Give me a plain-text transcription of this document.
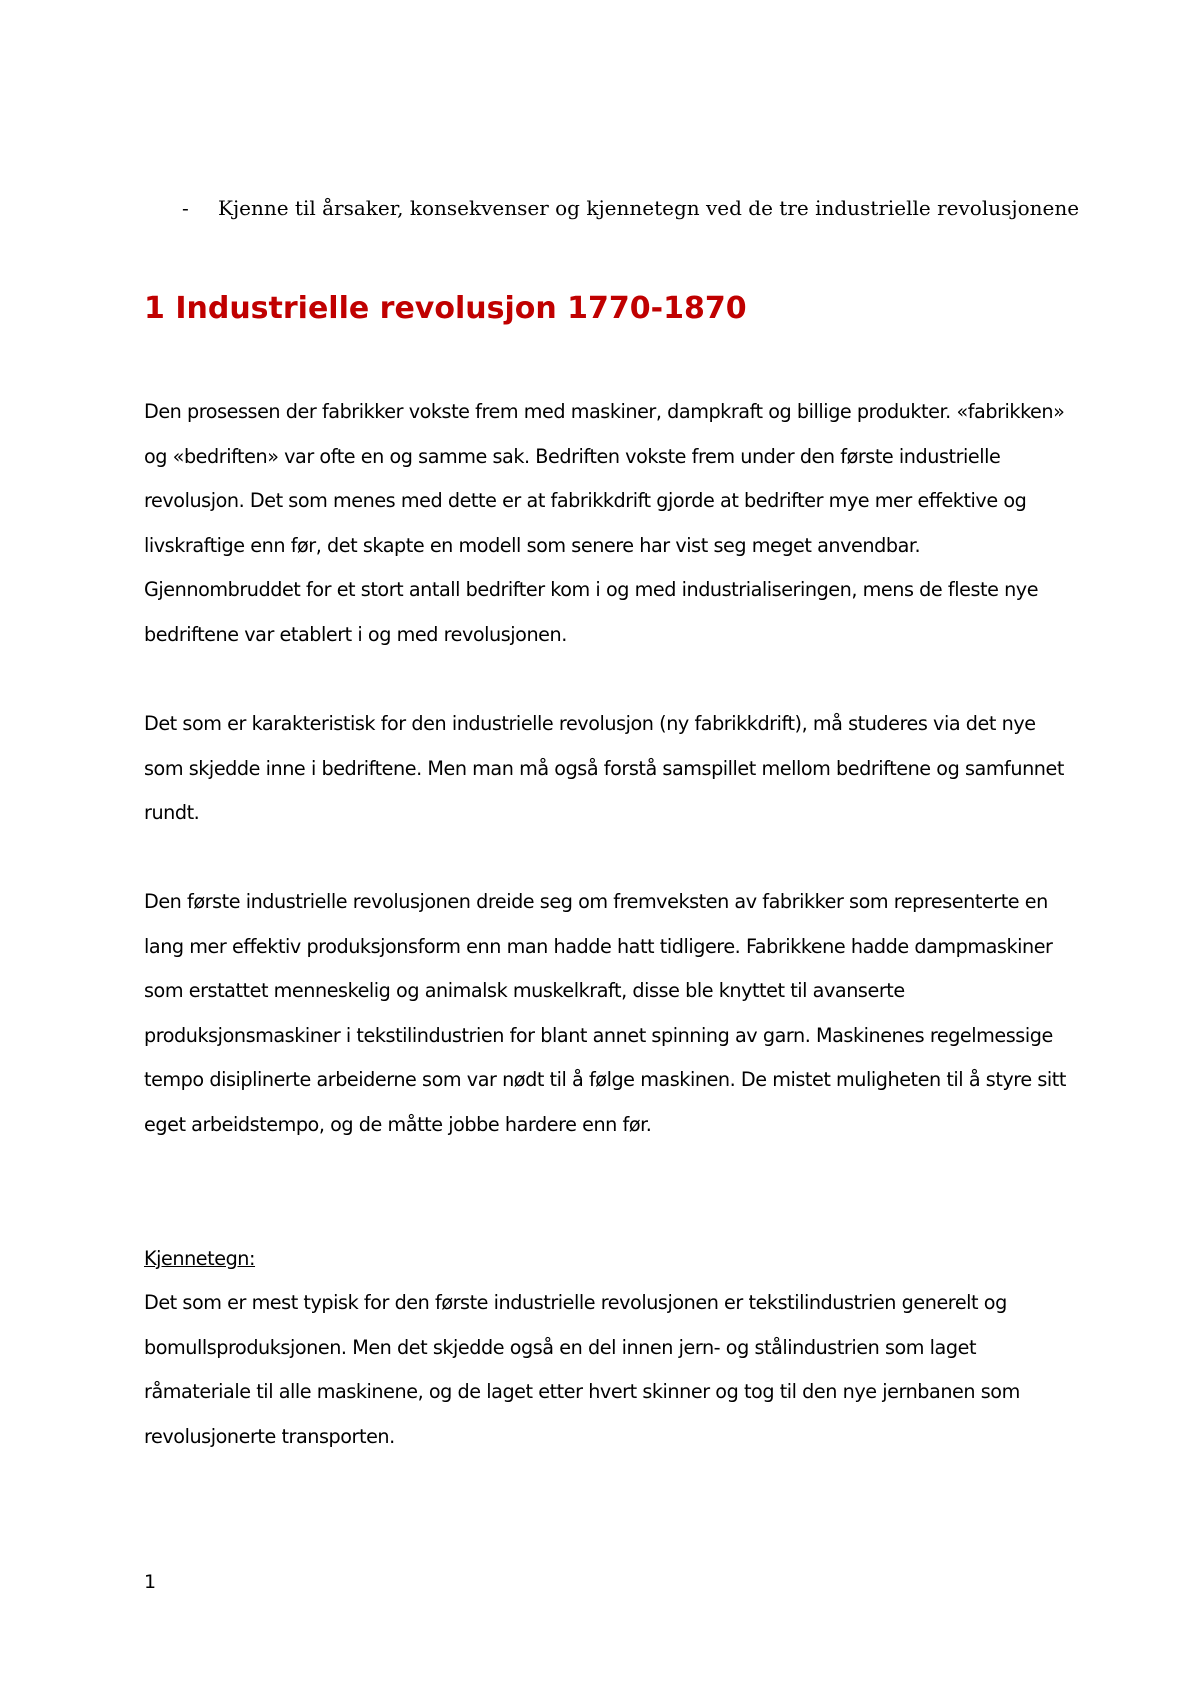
- Kjenne til årsaker, konsekvenser og kjennetegn ved de tre industrielle revolusjonene
1 Industrielle revolusjon 1770-1870

Den prosessen der fabrikker vokste frem med maskiner, dampkraft og billige produkter. «fabrikken» og «bedriften» var ofte en og samme sak. Bedriften vokste frem under den første industrielle revolusjon. Det som menes med dette er at fabrikkdrift gjorde at bedrifter mye mer effektive og livskraftige enn før, det skapte en modell som senere har vist seg meget anvendbar. Gjennombruddet for et stort antall bedrifter kom i og med industrialiseringen, mens de fleste nye bedriftene var etablert i og med revolusjonen.

Det som er karakteristisk for den industrielle revolusjon (ny fabrikkdrift), må studeres via det nye som skjedde inne i bedriftene. Men man må også forstå samspillet mellom bedriftene og samfunnet rundt.

Den første industrielle revolusjonen dreide seg om fremveksten av fabrikker som representerte en lang mer effektiv produksjonsform enn man hadde hatt tidligere. Fabrikkene hadde dampmaskiner som erstattet menneskelig og animalsk muskelkraft, disse ble knyttet til avanserte produksjonsmaskiner i tekstilindustrien for blant annet spinning av garn. Maskinenes regelmessige tempo disiplinerte arbeiderne som var nødt til å følge maskinen. De mistet muligheten til å styre sitt eget arbeidstempo, og de måtte jobbe hardere enn før.

Kjennetegn:

Det som er mest typisk for den første industrielle revolusjonen er tekstilindustrien generelt og bomullsproduksjonen. Men det skjedde også en del innen jern- og stålindustrien som laget råmateriale til alle maskinene, og de laget etter hvert skinner og tog til den nye jernbanen som revolusjonerte transporten.

1
